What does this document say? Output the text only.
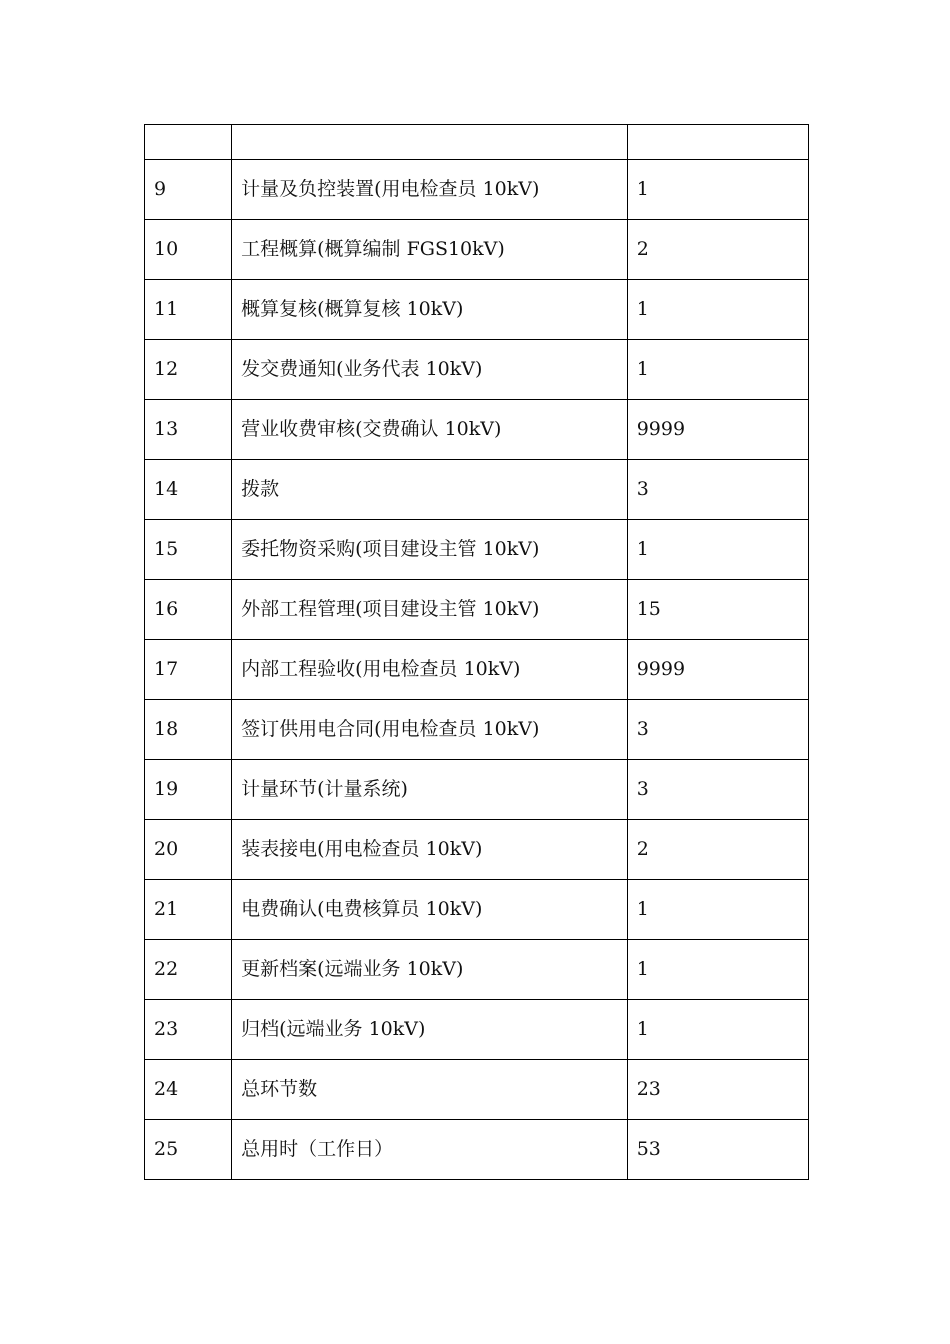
9	计量及负控装置(用电检查员 10kV)	1
10	工程概算(概算编制 FGS10kV)	2
11	概算复核(概算复核 10kV)	1
12	发交费通知(业务代表 10kV)	1
13	营业收费审核(交费确认 10kV)	9999
14	拨款	3
15	委托物资采购(项目建设主管 10kV)	1
16	外部工程管理(项目建设主管 10kV)	15
17	内部工程验收(用电检查员 10kV)	9999
18	签订供用电合同(用电检查员 10kV)	3
19	计量环节(计量系统)	3
20	装表接电(用电检查员 10kV)	2
21	电费确认(电费核算员 10kV)	1
22	更新档案(远端业务 10kV)	1
23	归档(远端业务 10kV)	1
24	总环节数	23
25	总用时（工作日）	53
